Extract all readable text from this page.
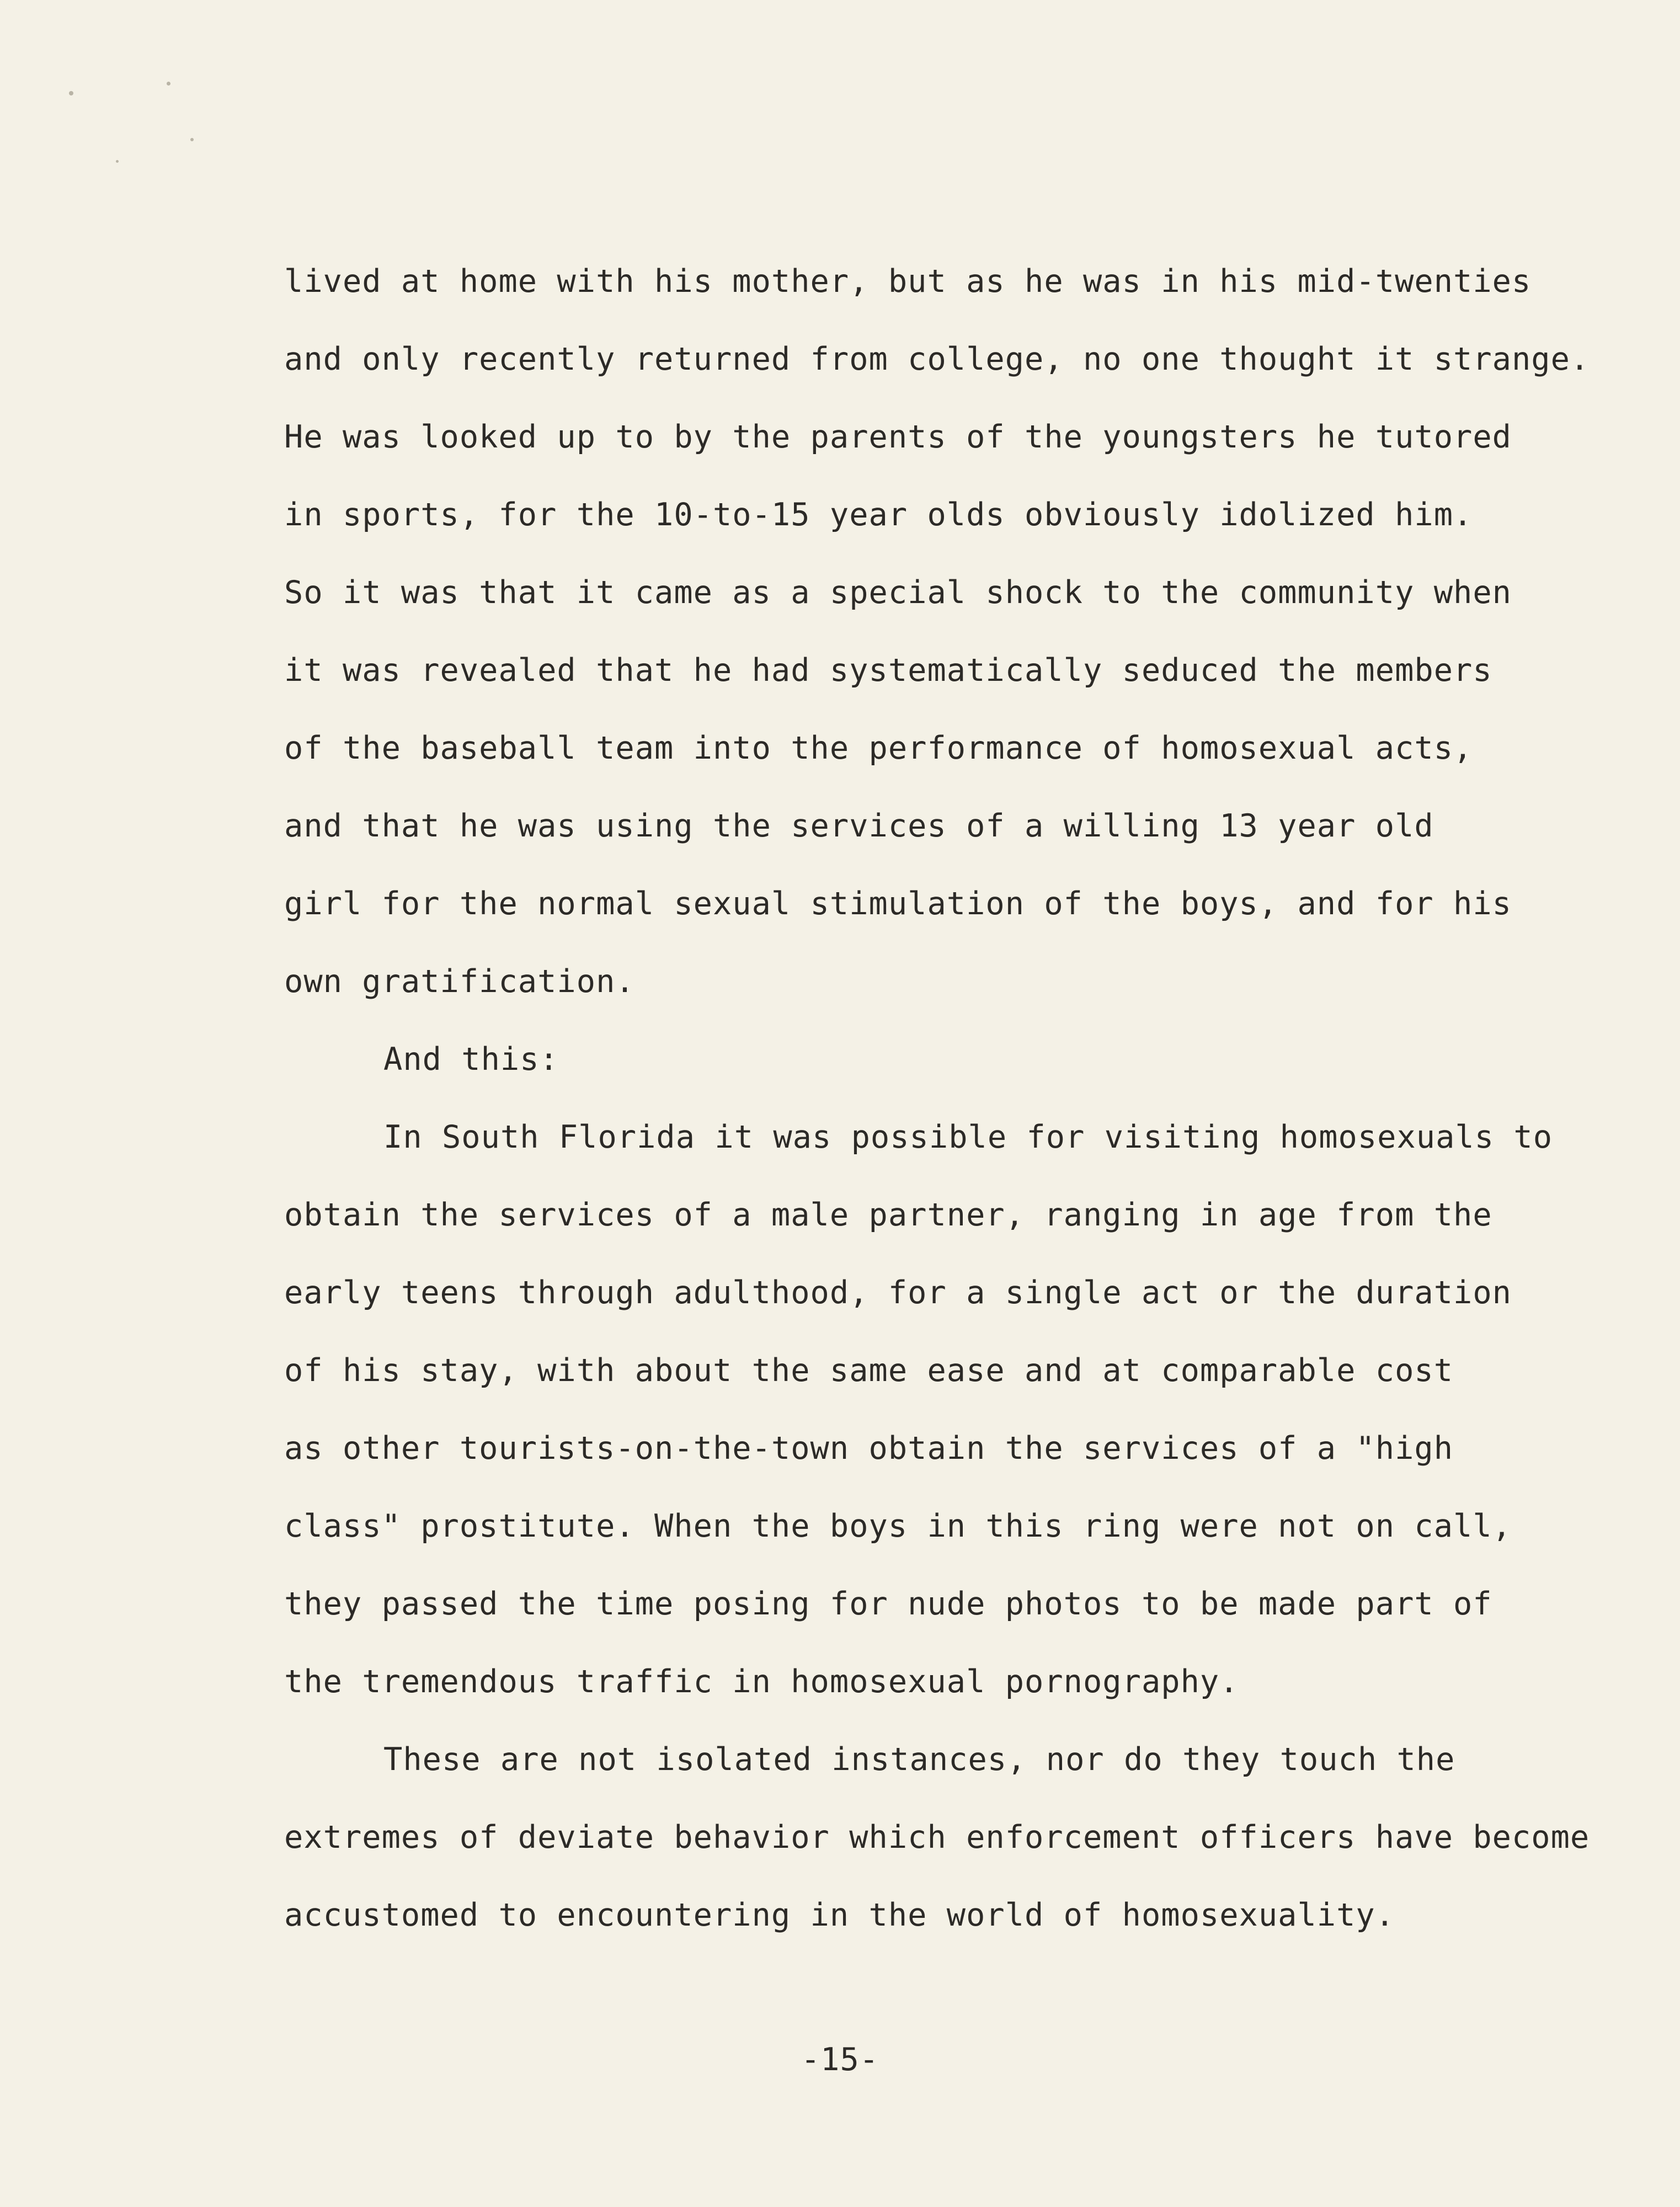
lived at home with his mother, but as he was in his mid-twenties
and only recently returned from college, no one thought it strange.
He was looked up to by the parents of the youngsters he tutored
in sports, for the 10-to-15 year olds obviously idolized him.
So it was that it came as a special shock to the community when
it was revealed that he had systematically seduced the members
of the baseball team into the performance of homosexual acts,
and that he was using the services of a willing 13 year old
girl for the normal sexual stimulation of the boys, and for his
own gratification.
And this:
In South Florida it was possible for visiting homosexuals to
obtain the services of a male partner, ranging in age from the
early teens through adulthood, for a single act or the duration
of his stay, with about the same ease and at comparable cost
as other tourists-on-the-town obtain the services of a "high
class" prostitute. When the boys in this ring were not on call,
they passed the time posing for nude photos to be made part of
the tremendous traffic in homosexual pornography.
These are not isolated instances, nor do they touch the
extremes of deviate behavior which enforcement officers have become
accustomed to encountering in the world of homosexuality.
-15-
